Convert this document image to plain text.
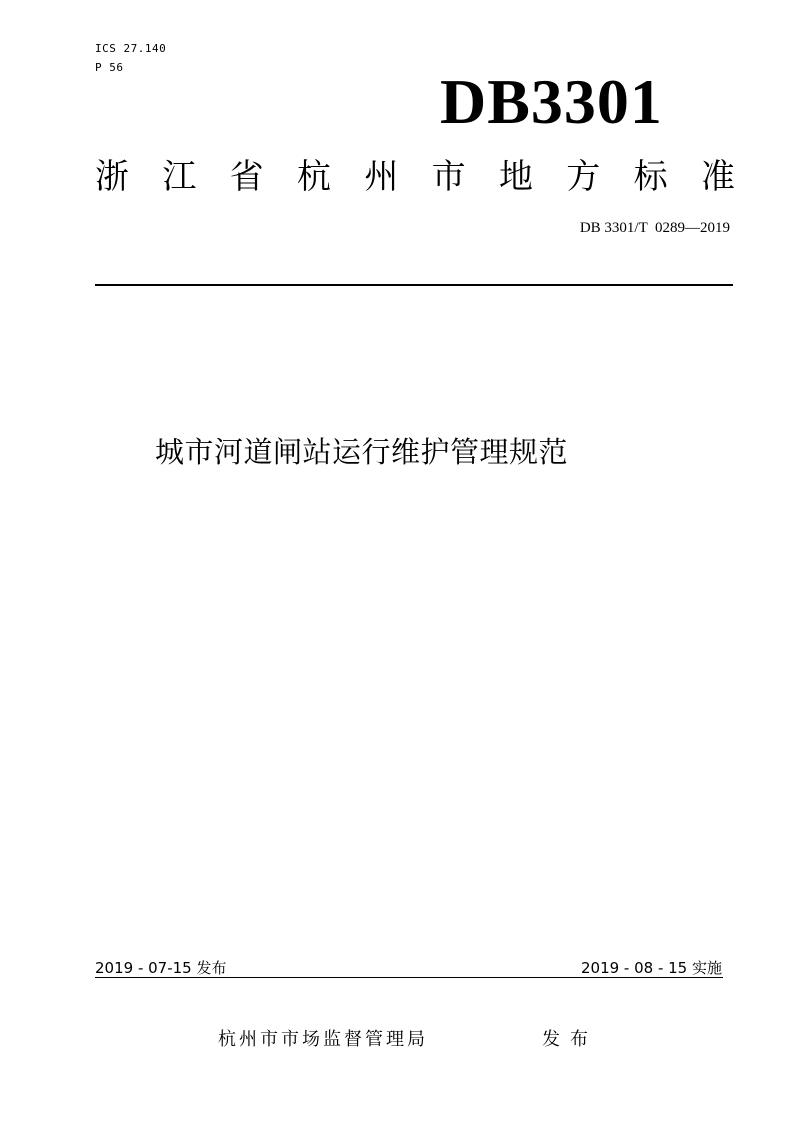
ICS 27.140
P 56	DB3301
浙 江 省 杭 州 市 地 方 标 准
DB 3301/T  0289—2019
城市河道闸站运行维护管理规范
2019 - 07-15 发布	2019 - 08 - 15 实施
杭州市市场监督管理局	发布
